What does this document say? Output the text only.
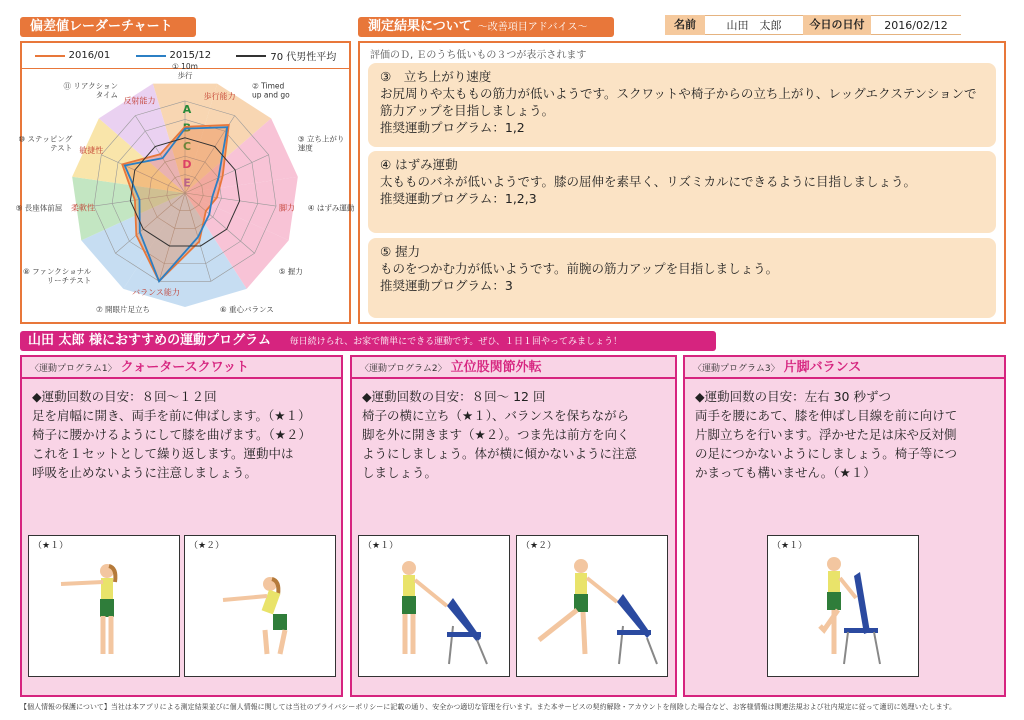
偏差値レーダーチャート	測定結果について ～改善項目アドバイス～	名前	山田　太郎	今日の日付	2016/02/12
2016/01	2015/12	70 代男性平均
A
歩行能力
脚力
バランス能力
柔軟性
敏捷性
反射能力
① 10m 歩行
② Timed up and go
③ 立ち上がり速度
④ はずみ運動
⑤ 握力
⑥ 重心バランス
⑦ 開眼片足立ち
⑧ ファンクショナルリーチテスト
⑨ 長座体前屈
⑩ ステッピングテスト
⑪ リアクションタイム
評価のＤ, Ｅのうち低いもの３つが表示されます
③　立ち上がり速度
お尻周りや太ももの筋力が低いようです。スクワットや椅子からの立ち上がり、レッグエクステンションで筋力アップを目指しましょう。
推奨運動プログラム：1,2
④ はずみ運動
太もものバネが低いようです。膝の屈伸を素早く、リズミカルにできるように目指しましょう。
推奨運動プログラム：1,2,3
⑤ 握力
ものをつかむ力が低いようです。前腕の筋力アップを目指しましょう。
推奨運動プログラム：3
山田 太郎 様におすすめの運動プログラム 毎日続けられ、お家で簡単にできる運動です。ぜひ、１日１回やってみましょう！
〈運動プログラム1〉 クォータースクワット
◆運動回数の目安：８回～１２回
足を肩幅に開き、両手を前に伸ばします。（★１）
椅子に腰かけるようにして膝を曲げます。（★２）
これを１セットとして繰り返します。運動中は
呼吸を止めないように注意しましょう。
（★１）	（★２）
〈運動プログラム2〉 立位股関節外転
◆運動回数の目安：８回～ 12 回
椅子の横に立ち（★１）、バランスを保ちながら
脚を外に開きます（★２）。つま先は前方を向く
ようにしましょう。体が横に傾かないように注意
しましょう。
（★１）	（★２）
〈運動プログラム3〉 片脚バランス
◆運動回数の目安：左右 30 秒ずつ
両手を腰にあて、膝を伸ばし目線を前に向けて
片脚立ちを行います。浮かせた足は床や反対側
の足につかないようにしましょう。椅子等につ
かまっても構いません。（★１）
（★１）
【個人情報の保護について】当社は本アプリによる測定結果並びに個人情報に関しては当社のプライバシーポリシーに記載の通り、安全かつ適切な管理を行います。また本サービスの契約解除・アカウントを削除した場合など、お客様情報は関連法規および社内規定に従って適切に処理いたします。
